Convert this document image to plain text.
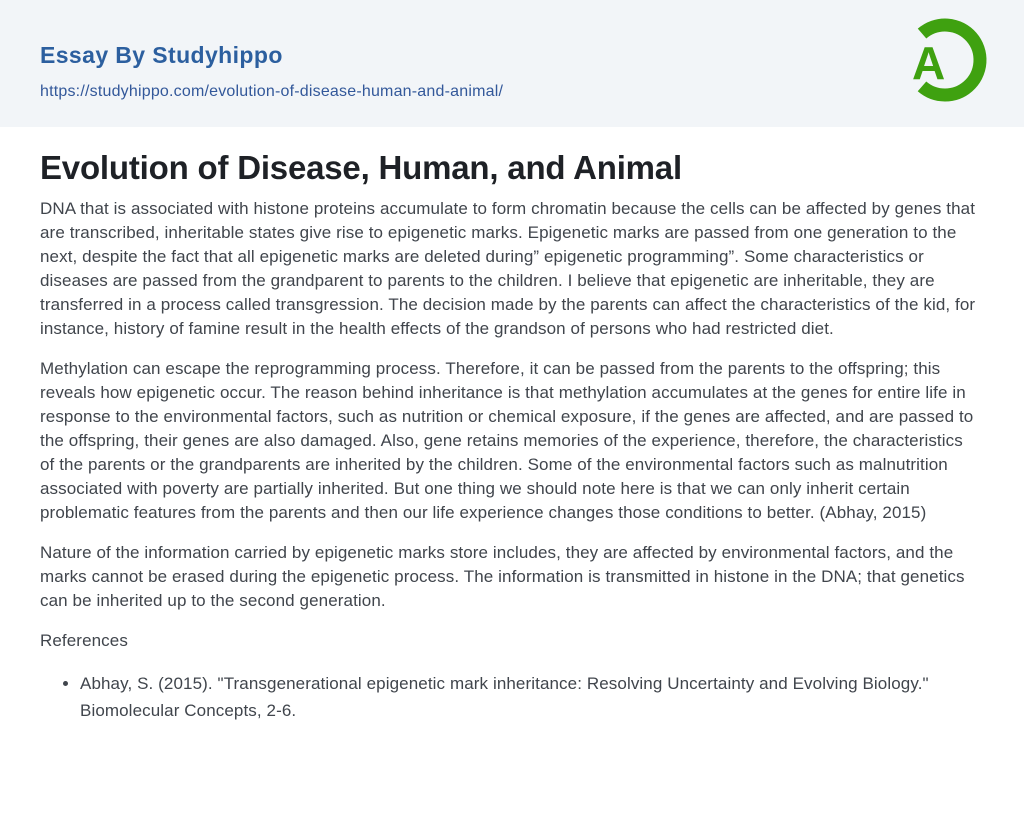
Essay By Studyhippo
https://studyhippo.com/evolution-of-disease-human-and-animal/
A
Evolution of Disease, Human, and Animal

DNA that is associated with histone proteins accumulate to form chromatin because the cells can be affected by genes that are transcribed, inheritable states give rise to epigenetic marks. Epigenetic marks are passed from one generation to the next, despite the fact that all epigenetic marks are deleted during” epigenetic programming”. Some characteristics or diseases are passed from the grandparent to parents to the children. I believe that epigenetic are inheritable, they are transferred in a process called transgression. The decision made by the parents can affect the characteristics of the kid, for instance, history of famine result in the health effects of the grandson of persons who had restricted diet.

Methylation can escape the reprogramming process. Therefore, it can be passed from the parents to the offspring; this reveals how epigenetic occur. The reason behind inheritance is that methylation accumulates at the genes for entire life in response to the environmental factors, such as nutrition or chemical exposure, if the genes are affected, and are passed to the offspring, their genes are also damaged. Also, gene retains memories of the experience, therefore, the characteristics of the parents or the grandparents are inherited by the children. Some of the environmental factors such as malnutrition associated with poverty are partially inherited. But one thing we should note here is that we can only inherit certain problematic features from the parents and then our life experience changes those conditions to better. (Abhay, 2015)

Nature of the information carried by epigenetic marks store includes, they are affected by environmental factors, and the marks cannot be erased during the epigenetic process. The information is transmitted in histone in the DNA; that genetics can be inherited up to the second generation.

References

• Abhay, S. (2015). "Transgenerational epigenetic mark inheritance: Resolving Uncertainty and Evolving Biology." Biomolecular Concepts, 2-6.
